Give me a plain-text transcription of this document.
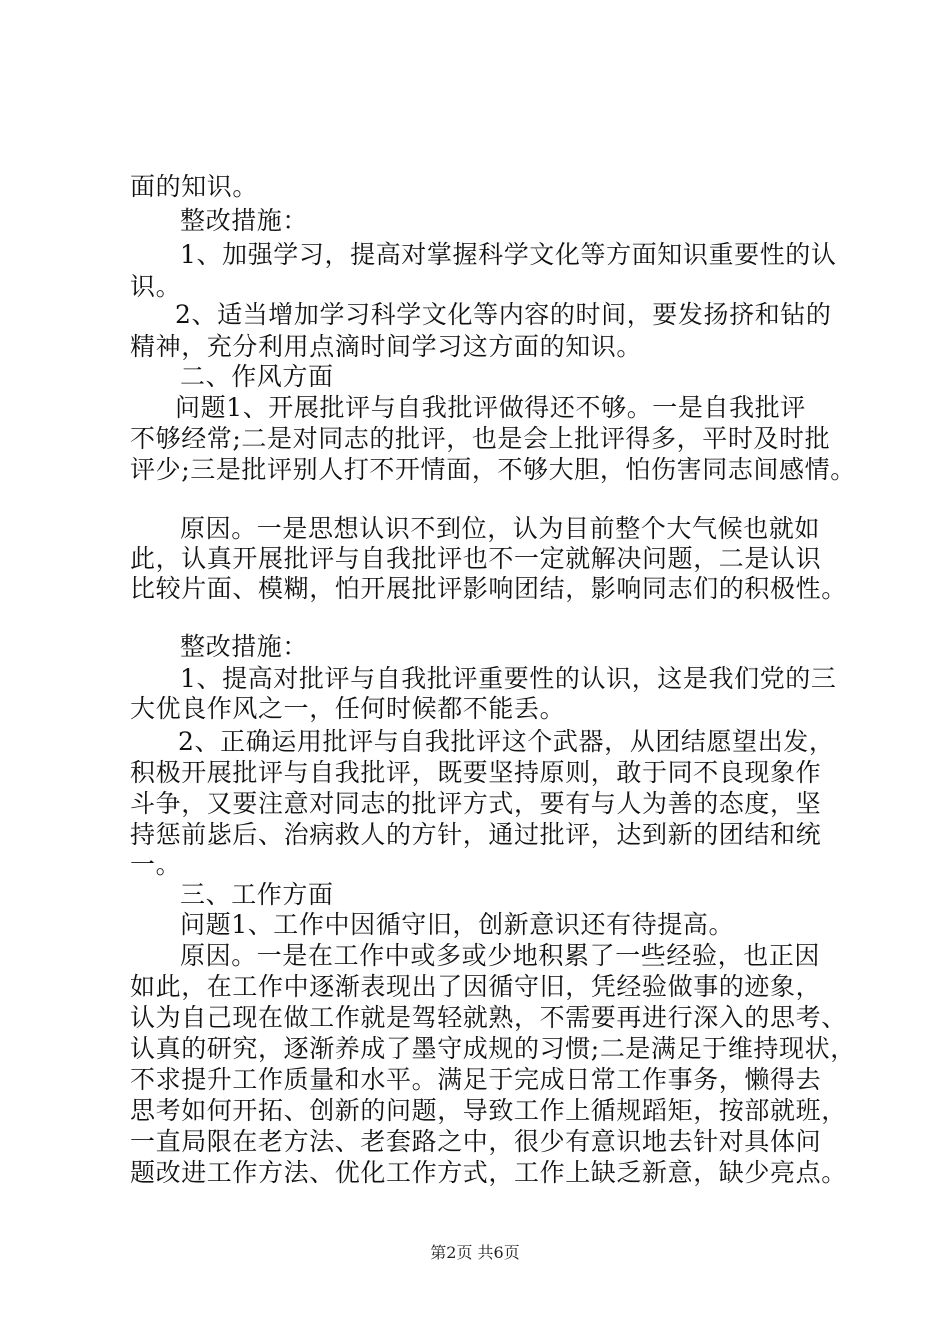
面的知识。
整改措施：
1、加强学习，提高对掌握科学文化等方面知识重要性的认
识。
2、适当增加学习科学文化等内容的时间，要发扬挤和钻的
精神，充分利用点滴时间学习这方面的知识。
二、作风方面
问题1、开展批评与自我批评做得还不够。一是自我批评
不够经常;二是对同志的批评，也是会上批评得多，平时及时批
评少;三是批评别人打不开情面，不够大胆，怕伤害同志间感情。
原因。一是思想认识不到位，认为目前整个大气候也就如
此，认真开展批评与自我批评也不一定就解决问题，二是认识
比较片面、模糊，怕开展批评影响团结，影响同志们的积极性。
整改措施：
1、提高对批评与自我批评重要性的认识，这是我们党的三
大优良作风之一，任何时候都不能丢。
2、正确运用批评与自我批评这个武器，从团结愿望出发，
积极开展批评与自我批评，既要坚持原则，敢于同不良现象作
斗争，又要注意对同志的批评方式，要有与人为善的态度，坚
持惩前毖后、治病救人的方针，通过批评，达到新的团结和统
一。
三、工作方面
问题1、工作中因循守旧，创新意识还有待提高。
原因。一是在工作中或多或少地积累了一些经验，也正因
如此，在工作中逐渐表现出了因循守旧，凭经验做事的迹象，
认为自己现在做工作就是驾轻就熟，不需要再进行深入的思考、
认真的研究，逐渐养成了墨守成规的习惯;二是满足于维持现状，
不求提升工作质量和水平。满足于完成日常工作事务，懒得去
思考如何开拓、创新的问题，导致工作上循规蹈矩，按部就班，
一直局限在老方法、老套路之中，很少有意识地去针对具体问
题改进工作方法、优化工作方式，工作上缺乏新意，缺少亮点。
第2页 共6页
